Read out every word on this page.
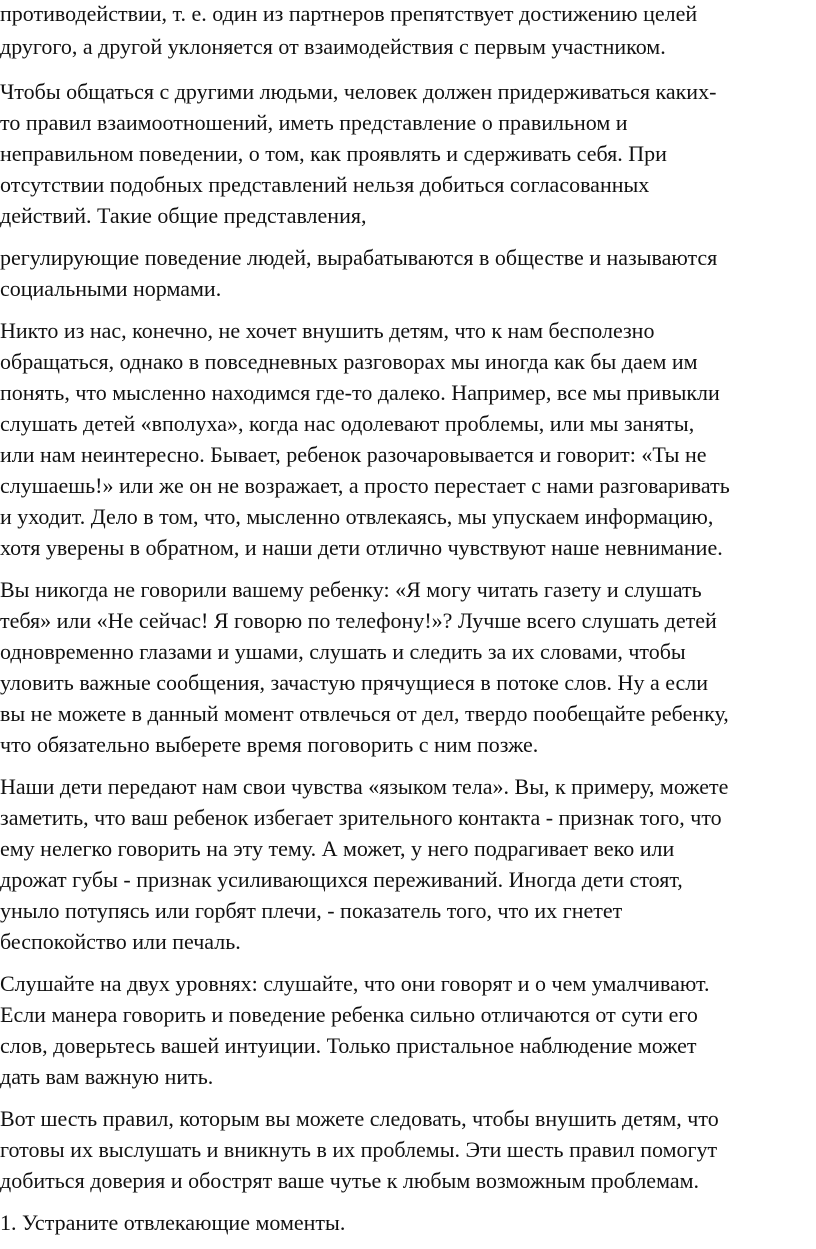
противодействии, т. е. один из партнеров препятствует достижению целей
другого, а другой уклоняется от взаимодействия с первым участником.
Чтобы общаться с другими людьми, человек должен придерживаться каких-
то правил взаимоотношений, иметь представление о правильном и
неправильном поведении, о том, как проявлять и сдерживать себя. При
отсутствии подобных представлений нельзя добиться согласованных
действий. Такие общие представления,
регулирующие поведение людей, вырабатываются в обществе и называются
социальными нормами.
Никто из нас, конечно, не хочет внушить детям, что к нам бесполезно
обращаться, однако в повседневных разговорах мы иногда как бы даем им
понять, что мысленно находимся где-то далеко. Например, все мы привыкли
слушать детей «вполуха», когда нас одолевают проблемы, или мы заняты,
или нам неинтересно. Бывает, ребенок разочаровывается и говорит: «Ты не
слушаешь!» или же он не возражает, а просто перестает с нами разговаривать
и уходит. Дело в том, что, мысленно отвлекаясь, мы упускаем информацию,
хотя уверены в обратном, и наши дети отлично чувствуют наше невнимание.
Вы никогда не говорили вашему ребенку: «Я могу читать газету и слушать
тебя» или «Не сейчас! Я говорю по телефону!»? Лучше всего слушать детей
одновременно глазами и ушами, слушать и следить за их словами, чтобы
уловить важные сообщения, зачастую прячущиеся в потоке слов. Ну а если
вы не можете в данный момент отвлечься от дел, твердо пообещайте ребенку,
что обязательно выберете время поговорить с ним позже.
Наши дети передают нам свои чувства «языком тела». Вы, к примеру, можете
заметить, что ваш ребенок избегает зрительного контакта - признак того, что
ему нелегко говорить на эту тему. А может, у него подрагивает веко или
дрожат губы - признак усиливающихся переживаний. Иногда дети стоят,
уныло потупясь или горбят плечи, - показатель того, что их гнетет
беспокойство или печаль.
Слушайте на двух уровнях: слушайте, что они говорят и о чем умалчивают.
Если манера говорить и поведение ребенка сильно отличаются от сути его
слов, доверьтесь вашей интуиции. Только пристальное наблюдение может
дать вам важную нить.
Вот шесть правил, которым вы можете следовать, чтобы внушить детям, что
готовы их выслушать и вникнуть в их проблемы. Эти шесть правил помогут
добиться доверия и обострят ваше чутье к любым возможным проблемам.
1. Устраните отвлекающие моменты.
